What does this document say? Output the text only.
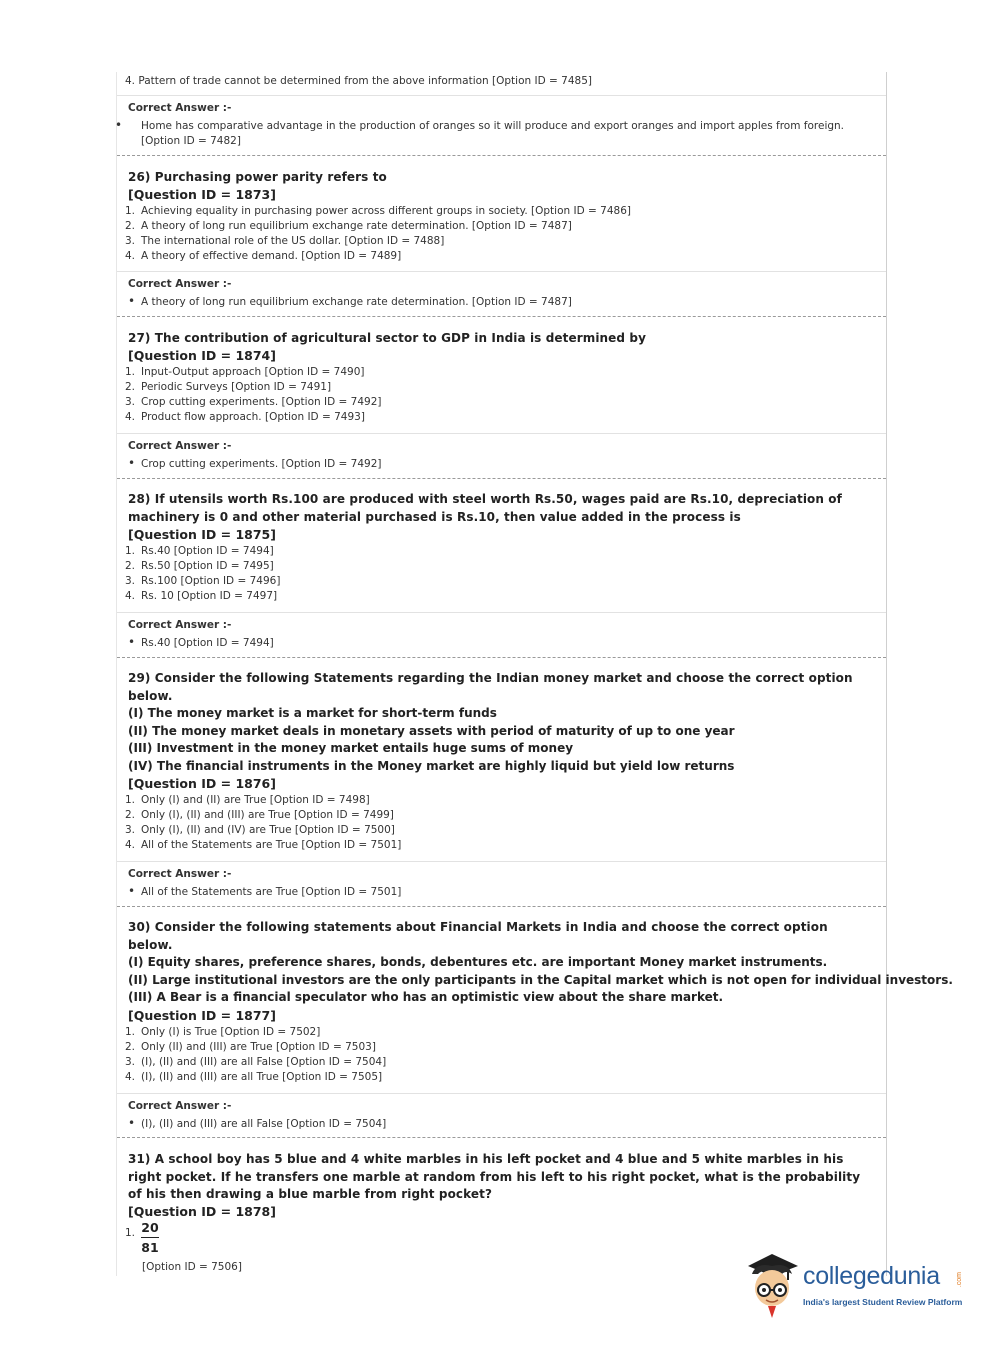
4. Pattern of trade cannot be determined from the above information [Option ID = 7485]
Correct Answer :-
• Home has comparative advantage in the production of oranges so it will produce and export oranges and import apples from foreign. [Option ID = 7482]
26) Purchasing power parity refers to
[Question ID = 1873]
1. Achieving equality in purchasing power across different groups in society. [Option ID = 7486]
2. A theory of long run equilibrium exchange rate determination. [Option ID = 7487]
3. The international role of the US dollar. [Option ID = 7488]
4. A theory of effective demand. [Option ID = 7489]
Correct Answer :-
• A theory of long run equilibrium exchange rate determination. [Option ID = 7487]
27) The contribution of agricultural sector to GDP in India is determined by
[Question ID = 1874]
1. Input-Output approach [Option ID = 7490]
2. Periodic Surveys [Option ID = 7491]
3. Crop cutting experiments. [Option ID = 7492]
4. Product flow approach. [Option ID = 7493]
Correct Answer :-
• Crop cutting experiments. [Option ID = 7492]
28) If utensils worth Rs.100 are produced with steel worth Rs.50, wages paid are Rs.10, depreciation of machinery is 0 and other material purchased is Rs.10, then value added in the process is
[Question ID = 1875]
1. Rs.40 [Option ID = 7494]
2. Rs.50 [Option ID = 7495]
3. Rs.100 [Option ID = 7496]
4. Rs. 10 [Option ID = 7497]
Correct Answer :-
• Rs.40 [Option ID = 7494]
29) Consider the following Statements regarding the Indian money market and choose the correct option below.
(I) The money market is a market for short-term funds
(II) The money market deals in monetary assets with period of maturity of up to one year
(III) Investment in the money market entails huge sums of money
(IV) The financial instruments in the Money market are highly liquid but yield low returns
[Question ID = 1876]
1. Only (I) and (II) are True [Option ID = 7498]
2. Only (I), (II) and (III) are True [Option ID = 7499]
3. Only (I), (II) and (IV) are True [Option ID = 7500]
4. All of the Statements are True [Option ID = 7501]
Correct Answer :-
• All of the Statements are True [Option ID = 7501]
30) Consider the following statements about Financial Markets in India and choose the correct option below.
(I) Equity shares, preference shares, bonds, debentures etc. are important Money market instruments.
(II) Large institutional investors are the only participants in the Capital market which is not open for individual investors.
(III) A Bear is a financial speculator who has an optimistic view about the share market.
[Question ID = 1877]
1. Only (I) is True [Option ID = 7502]
2. Only (II) and (III) are True [Option ID = 7503]
3. (I), (II) and (III) are all False [Option ID = 7504]
4. (I), (II) and (III) are all True [Option ID = 7505]
Correct Answer :-
• (I), (II) and (III) are all False [Option ID = 7504]
31) A school boy has 5 blue and 4 white marbles in his left pocket and 4 blue and 5 white marbles in his right pocket. If he transfers one marble at random from his left to his right pocket, what is the probability of his then drawing a blue marble from right pocket?
[Question ID = 1878]
1.
[Option ID = 7506]
20
81
collegedunia .com
India's largest Student Review Platform
